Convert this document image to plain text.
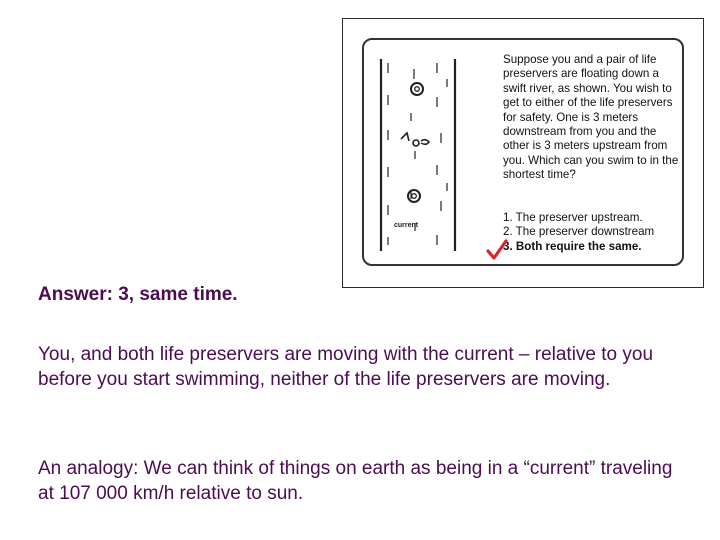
current
Suppose you and a pair of life preservers are floating down a swift river, as shown. You wish to get to either of the life preservers for safety. One is 3 meters downstream from you and the other is 3 meters upstream from you. Which can you swim to in the shortest time?
1. The preserver upstream.
2. The preserver downstream
3. Both require the same.
Answer: 3, same time.
You, and both life preservers are moving with the current – relative to you before you start swimming, neither of the life preservers are moving.
An analogy: We can think of things on earth as being in a “current” traveling at 107 000 km/h relative to sun.
